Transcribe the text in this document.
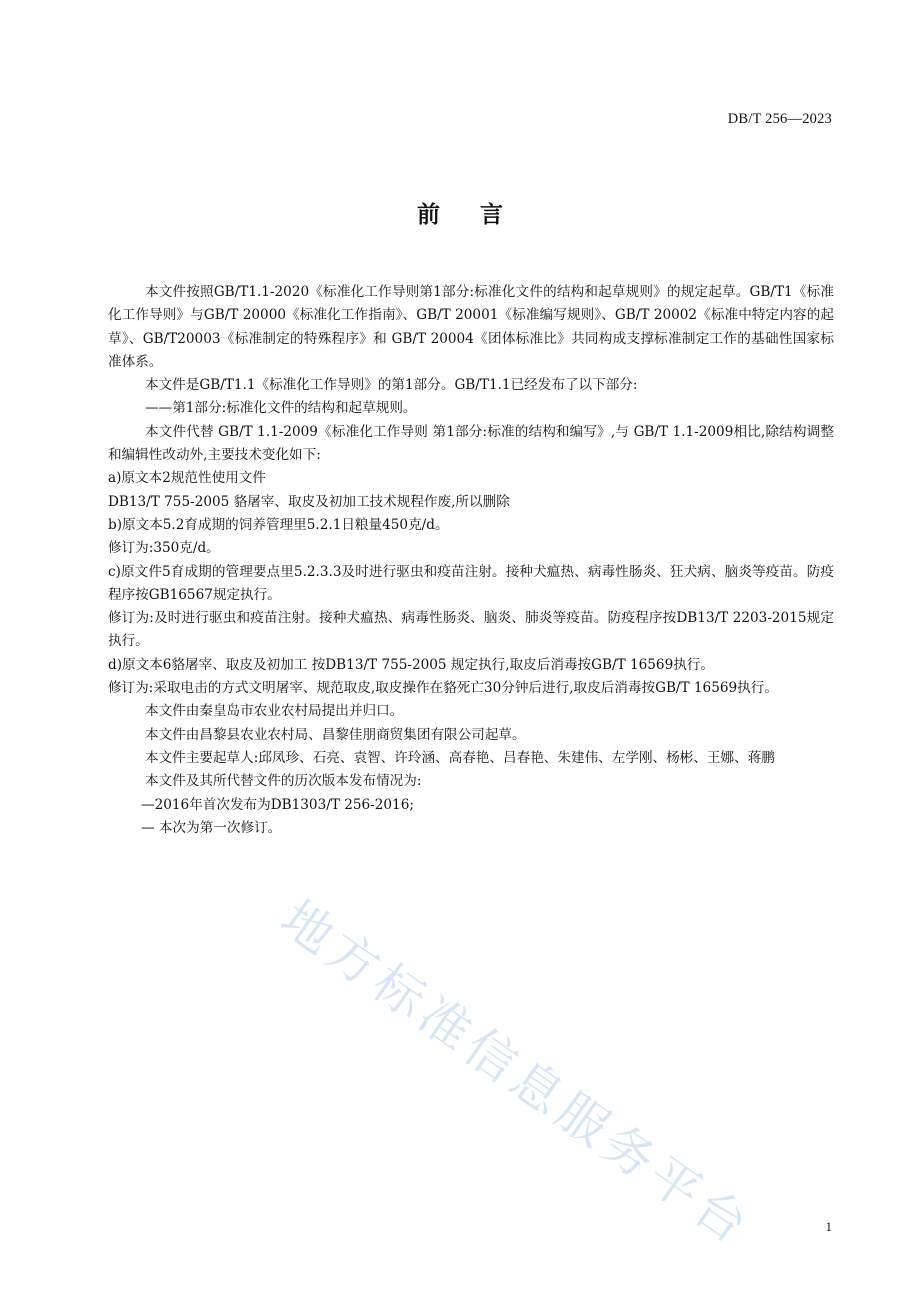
DB/T 256—2023
前言

本文件按照GB/T1.1-2020《标准化工作导则第1部分:标准化文件的结构和起草规则》的规定起草。GB/T1《标准化工作导则》与GB/T 20000《标准化工作指南》、GB/T 20001《标准编写规则》、GB/T 20002《标准中特定内容的起草》、GB/T20003《标准制定的特殊程序》和 GB/T 20004《团体标准比》共同构成支撑标准制定工作的基础性国家标准体系。

本文件是GB/T1.1《标准化工作导则》的第1部分。GB/T1.1已经发布了以下部分:

——第1部分:标准化文件的结构和起草规则。

本文件代替 GB/T 1.1-2009《标准化工作导则 第1部分:标准的结构和编写》,与 GB/T 1.1-2009相比,除结构调整和编辑性改动外,主要技术变化如下:

a)原文本2规范性使用文件

DB13/T 755-2005 貉屠宰、取皮及初加工技术规程作废,所以删除

b)原文本5.2育成期的饲养管理里5.2.1日粮量450克/d。

修订为:350克/d。

c)原文件5育成期的管理要点里5.2.3.3及时进行驱虫和疫苗注射。接种犬瘟热、病毒性肠炎、狂犬病、脑炎等疫苗。防疫程序按GB16567规定执行。

修订为:及时进行驱虫和疫苗注射。接种犬瘟热、病毒性肠炎、脑炎、肺炎等疫苗。防疫程序按DB13/T 2203-2015规定执行。

d)原文本6貉屠宰、取皮及初加工 按DB13/T 755-2005 规定执行,取皮后消毒按GB/T 16569执行。

修订为:采取电击的方式文明屠宰、规范取皮,取皮操作在貉死亡30分钟后进行,取皮后消毒按GB/T 16569执行。

本文件由秦皇岛市农业农村局提出并归口。

本文件由昌黎县农业农村局、昌黎佳朋商贸集团有限公司起草。

本文件主要起草人:邱凤珍、石亮、袁智、许玲涵、高春艳、吕春艳、朱建伟、左学刚、杨彬、王娜、蒋鹏

本文件及其所代替文件的历次版本发布情况为:

—2016年首次发布为DB1303/T 256-2016;

— 本次为第一次修订。

地方标准信息服务平台	1
